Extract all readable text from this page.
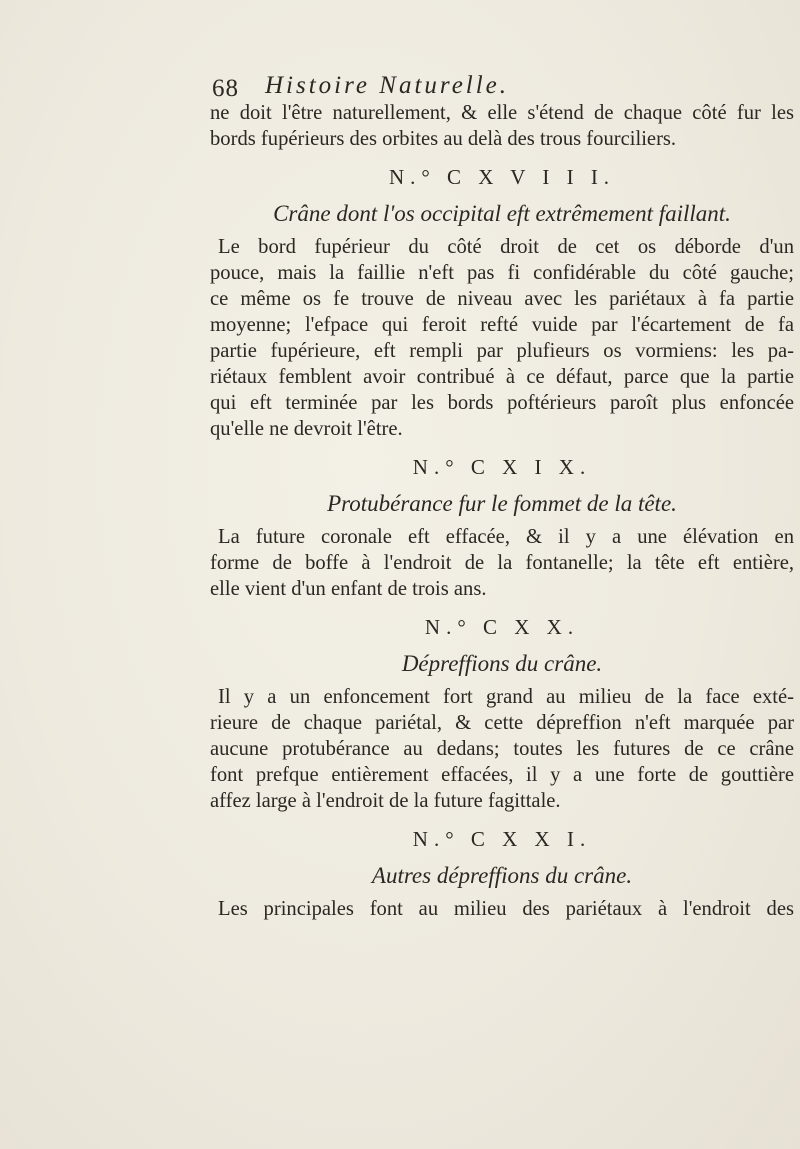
68 Histoire Naturelle.
ne doit l'être naturellement, & elle s'étend de chaque côté fur les
bords fupérieurs des orbites au delà des trous fourciliers.
N.° C X V I I I.
Crâne dont l'os occipital eft extrêmement faillant.
Le bord fupérieur du côté droit de cet os déborde d'un
pouce, mais la faillie n'eft pas fi confidérable du côté gauche;
ce même os fe trouve de niveau avec les pariétaux à fa partie
moyenne; l'efpace qui feroit refté vuide par l'écartement de fa
partie fupérieure, eft rempli par plufieurs os vormiens: les pa-
riétaux femblent avoir contribué à ce défaut, parce que la partie
qui eft terminée par les bords poftérieurs paroît plus enfoncée
qu'elle ne devroit l'être.
N.° C X I X.
Protubérance fur le fommet de la tête.
La future coronale eft effacée, & il y a une élévation en
forme de boffe à l'endroit de la fontanelle; la tête eft entière,
elle vient d'un enfant de trois ans.
N.° C X X.
Dépreffions du crâne.
Il y a un enfoncement fort grand au milieu de la face exté-
rieure de chaque pariétal, & cette dépreffion n'eft marquée par
aucune protubérance au dedans; toutes les futures de ce crâne
font prefque entièrement effacées, il y a une forte de gouttière
affez large à l'endroit de la future fagittale.
N.° C X X I.
Autres dépreffions du crâne.
Les principales font au milieu des pariétaux à l'endroit des
